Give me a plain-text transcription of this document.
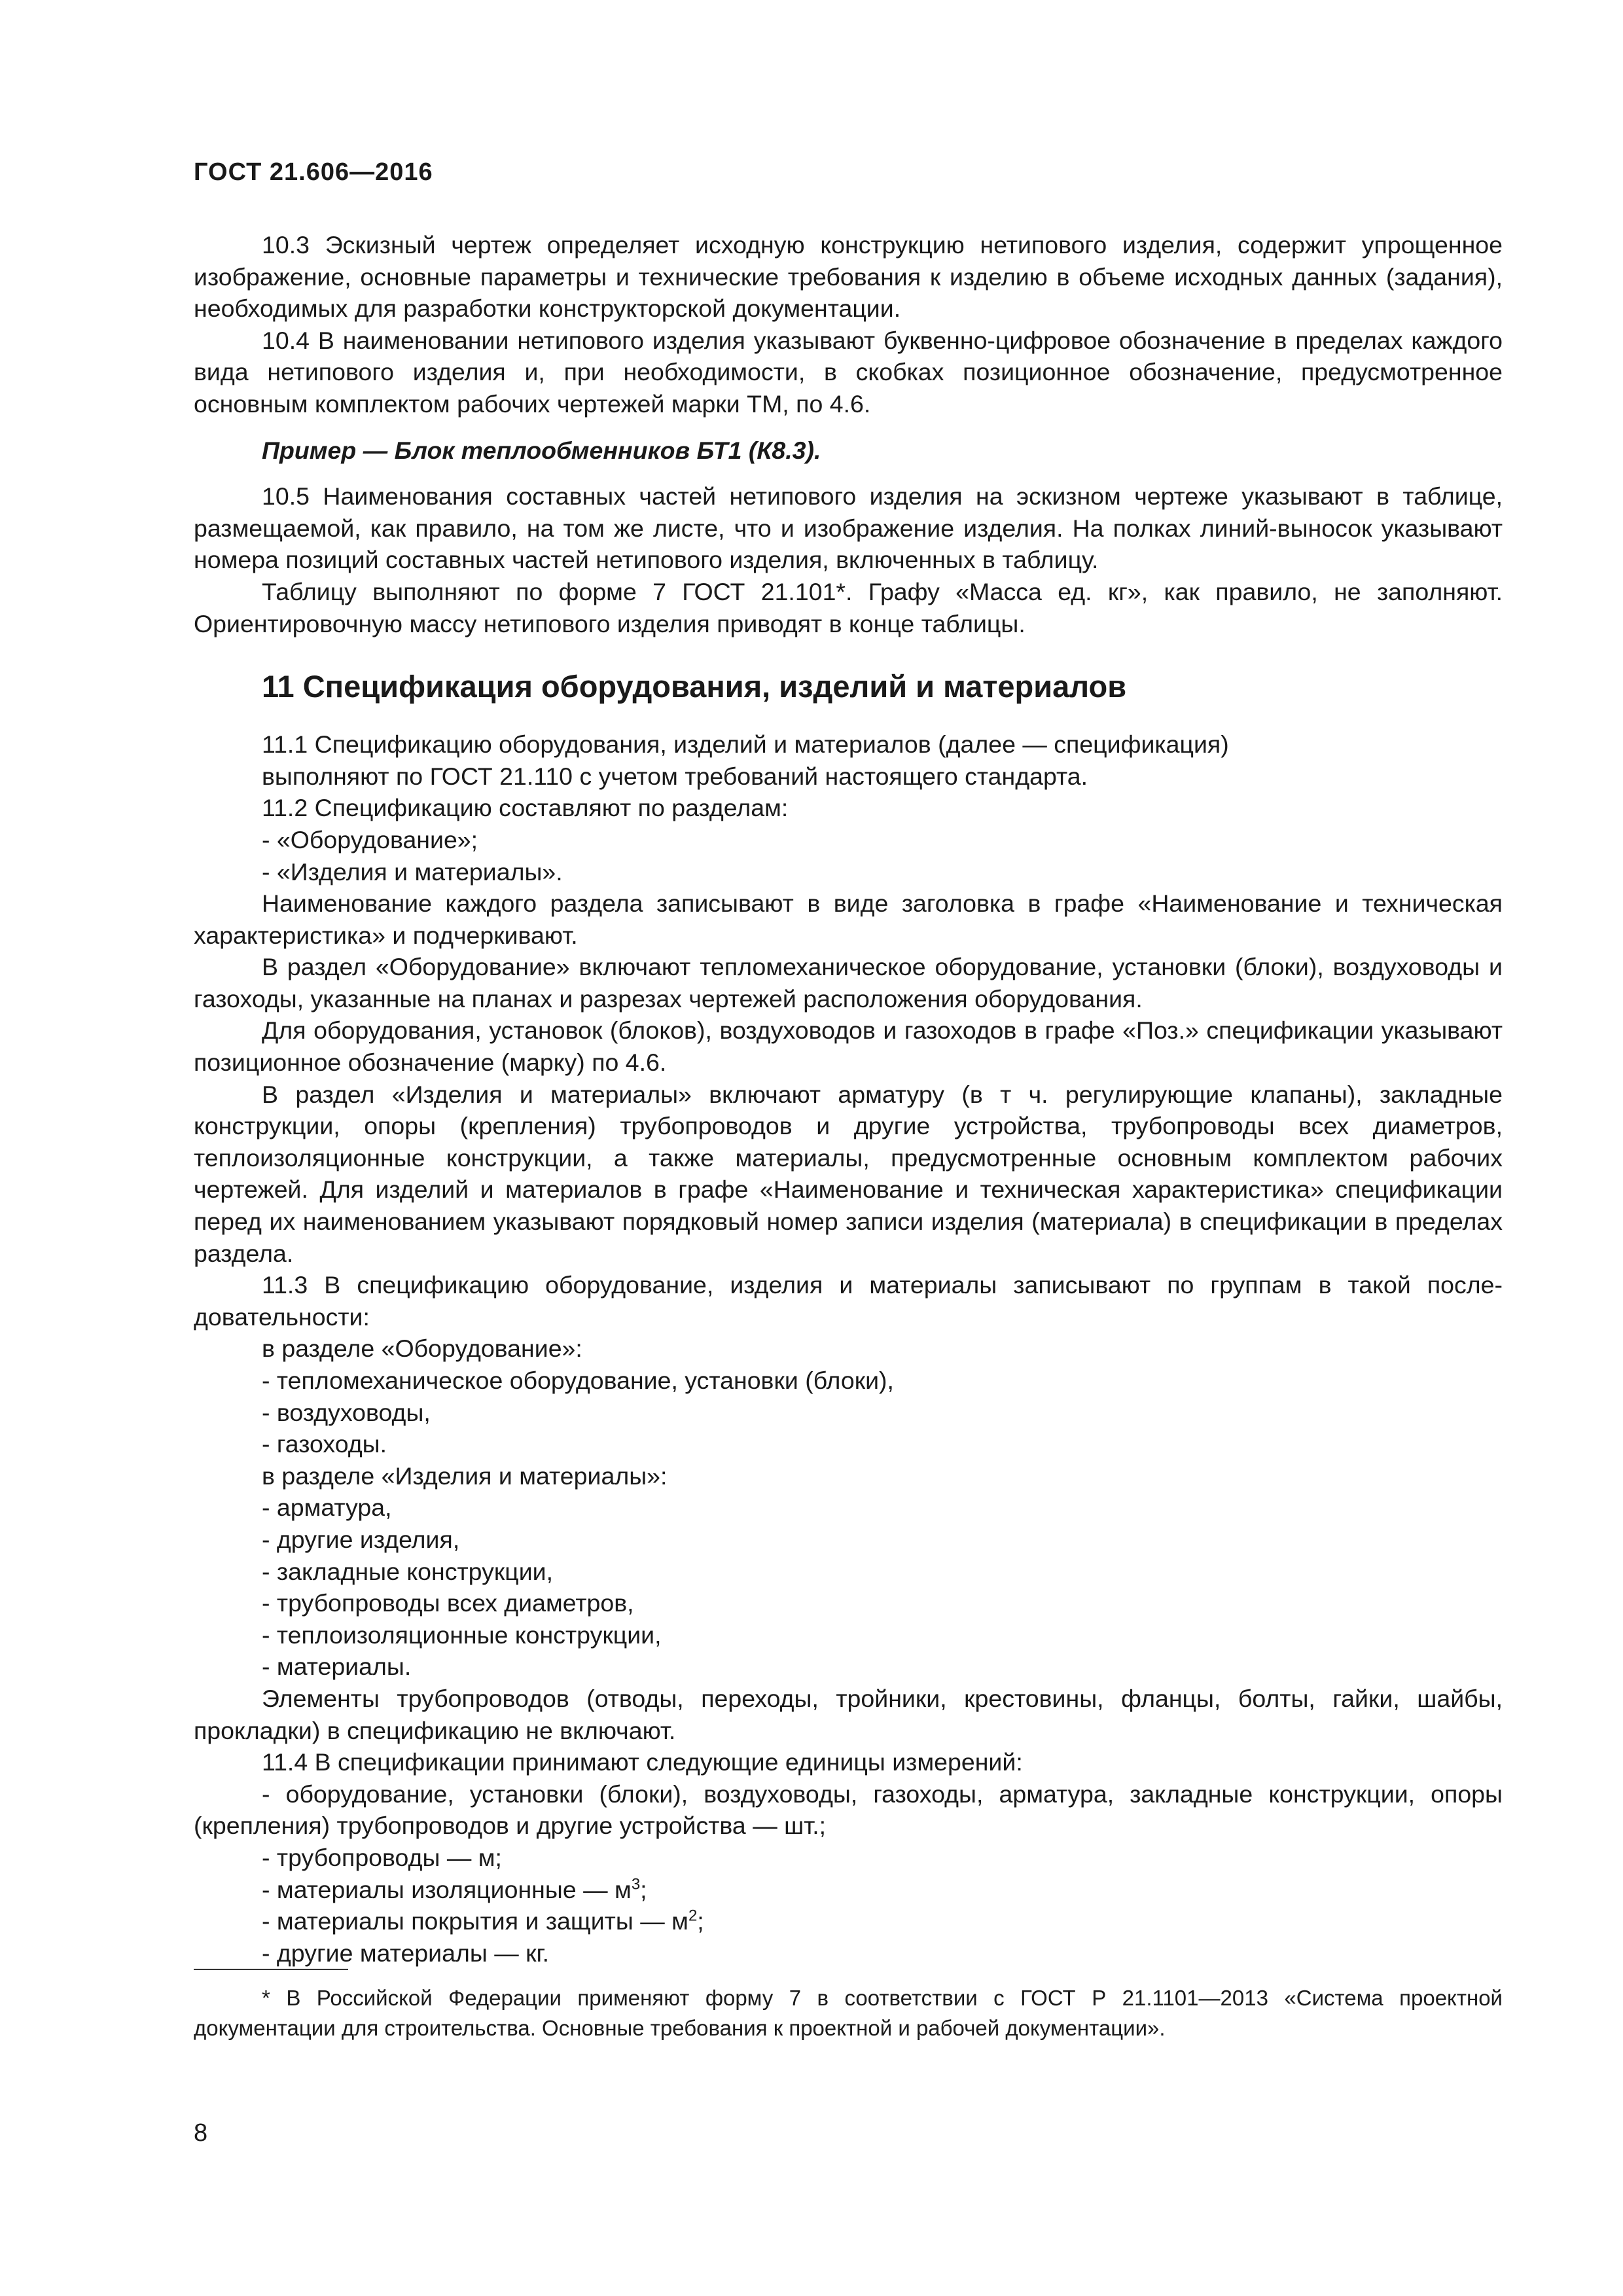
ГОСТ 21.606—2016

10.3 Эскизный чертеж определяет исходную конструкцию нетипового изделия, содержит упрощенное изображение, основные параметры и технические требования к изделию в объеме исходных данных (задания), необходимых для разработки конструкторской документации.

10.4 В наименовании нетипового изделия указывают буквенно-цифровое обозначение в пределах каждого вида нетипового изделия и, при необходимости, в скобках позиционное обозначение, предусмотренное основным комплектом рабочих чертежей марки ТМ, по 4.6.

Пример — Блок теплообменников БТ1 (К8.3).

10.5 Наименования составных частей нетипового изделия на эскизном чертеже указывают в таблице, размещаемой, как правило, на том же листе, что и изображение изделия. На полках линий-выносок указывают номера позиций составных частей нетипового изделия, включенных в таблицу.

Таблицу выполняют по форме 7 ГОСТ 21.101*. Графу «Масса ед. кг», как правило, не заполняют. Ориентировочную массу нетипового изделия приводят в конце таблицы.

11 Спецификация оборудования, изделий и материалов

11.1 Спецификацию оборудования, изделий и материалов (далее — спецификация)

выполняют по ГОСТ 21.110 с учетом требований настоящего стандарта.

11.2 Спецификацию составляют по разделам:

- «Оборудование»;

- «Изделия и материалы».

Наименование каждого раздела записывают в виде заголовка в графе «Наименование и техническая характеристика» и подчеркивают.

В раздел «Оборудование» включают тепломеханическое оборудование, установки (блоки), воздуховоды и газоходы, указанные на планах и разрезах чертежей расположения оборудования.

Для оборудования, установок (блоков), воздуховодов и газоходов в графе «Поз.» спецификации указывают позиционное обозначение (марку) по 4.6.

В раздел «Изделия и материалы» включают арматуру (в т ч. регулирующие клапаны), закладные конструкции, опоры (крепления) трубопроводов и другие устройства, трубопроводы всех диаметров, теплоизоляционные конструкции, а также материалы, предусмотренные основным комплектом рабочих чертежей. Для изделий и материалов в графе «Наименование и техническая характеристика» спецификации перед их наименованием указывают порядковый номер записи изделия (материала) в спецификации в пределах раздела.

11.3 В спецификацию оборудование, изделия и материалы записывают по группам в такой последовательности:

в разделе «Оборудование»:

- тепломеханическое оборудование, установки (блоки),

- воздуховоды,

- газоходы.

в разделе «Изделия и материалы»:

- арматура,

- другие изделия,

- закладные конструкции,

- трубопроводы всех диаметров,

- теплоизоляционные конструкции,

- материалы.

Элементы трубопроводов (отводы, переходы, тройники, крестовины, фланцы, болты, гайки, шайбы, прокладки) в спецификацию не включают.

11.4 В спецификации принимают следующие единицы измерений:

- оборудование, установки (блоки), воздуховоды, газоходы, арматура, закладные конструкции, опоры (крепления) трубопроводов и другие устройства — шт.;

- трубопроводы — м;

- материалы изоляционные — $м^3$;

- материалы покрытия и защиты — $м^2$;

- другие материалы — кг.

* В Российской Федерации применяют форму 7 в соответствии с ГОСТ Р 21.1101—2013 «Система проектной документации для строительства. Основные требования к проектной и рабочей документации».

8
